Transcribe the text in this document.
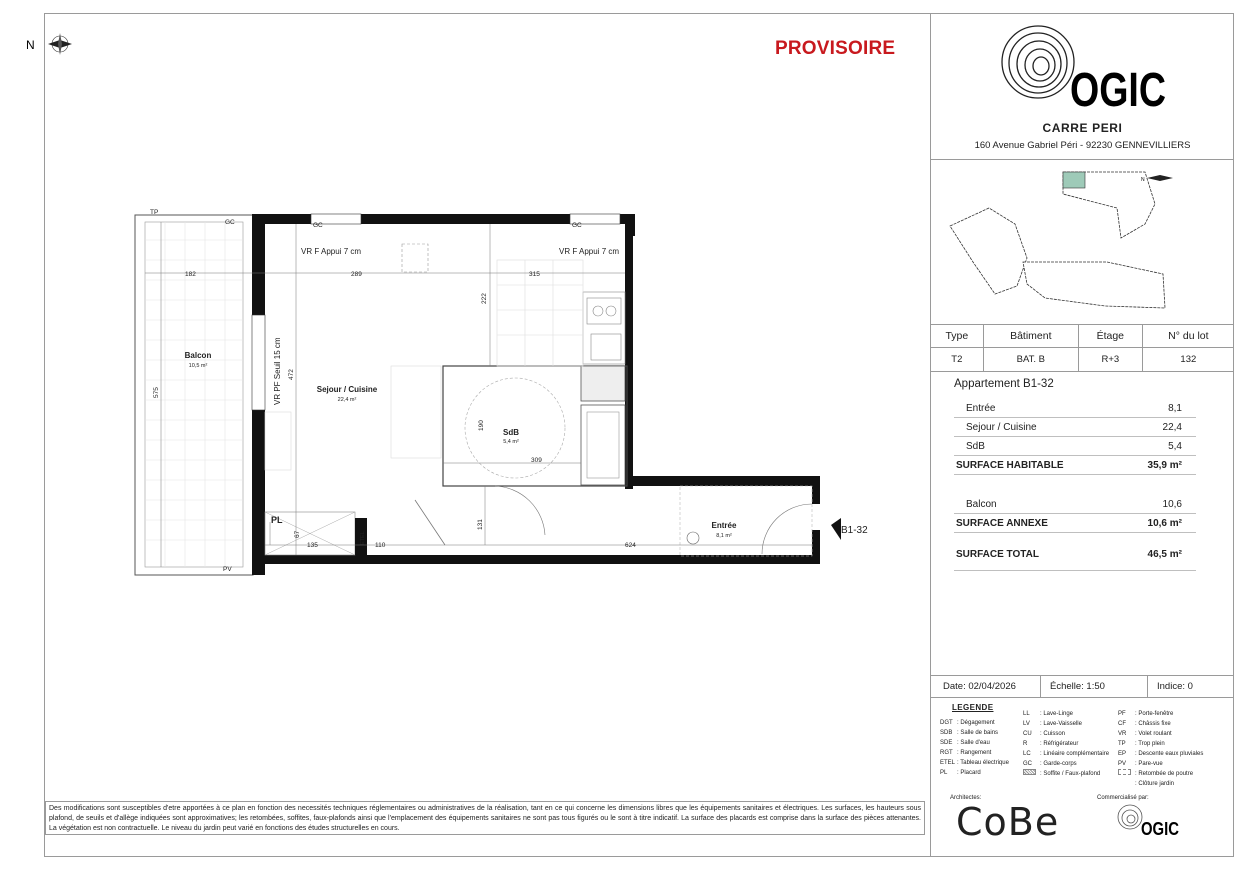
PROVISOIRE
N
TP
GC	GC	GC
VR F Appui 7 cm	VR F Appui 7 cm
VR PF Seuil 15 cm
PL
PV
ETEL
B1-32
182	289	315
222
472
575
190
309
131
67
135	110	624
Balcon
10,5 m²
Sejour / Cuisine
22,4 m²
SdB
5,4 m²
Entrée
8,1 m²
OGIC
CARRE PERI
160 Avenue Gabriel Péri - 92230 GENNEVILLIERS
N
Type	Bâtiment	Étage	N° du lot
T2	BAT. B	R+3	132
Appartement B1-32
Entrée	8,1
Sejour / Cuisine	22,4
SdB	5,4
SURFACE HABITABLE	35,9 m²
Balcon	10,6
SURFACE ANNEXE	10,6 m²
SURFACE TOTAL	46,5 m²
Date: 02/04/2026	Échelle: 1:50	Indice: 0
LEGENDE
DGT : Dégagement
SDB : Salle de bains
SDE : Salle d'eau
RGT : Rangement
ETEL : Tableau électrique
PL : Placard
LL : Lave-Linge
LV : Lave-Vaisselle
CU : Cuisson
R : Réfrigérateur
LC : Linéaire complémentaire
GC : Garde-corps
: Soffite / Faux-plafond
PF : Porte-fenêtre
CF : Châssis fixe
VR : Volet roulant
TP : Trop plein
EP : Descente eaux pluviales
PV : Pare-vue
: Retombée de poutre
: Clôture jardin
Architectes:
CoBe
Commercialisé par:
OGIC
Des modifications sont susceptibles d'etre apportées à ce plan en fonction des necessités techniques réglementaires ou administratives de la réalisation, tant en ce qui concerne les dimensions libres que les équipements sanitaires et électriques. Les surfaces, les hauteurs sous plafond, de seuils et d'allège indiquées sont approximatives; les retombées, soffites, faux-plafonds ainsi que l'emplacement des équipements sanitaires ne sont pas tous figurés ou le sont à titre indicatif. La surface des placards est comprise dans la surface des pièces attenantes. La végétation est non contractuelle. Le niveau du jardin peut varié en fonctions des études structurelles en cours.
